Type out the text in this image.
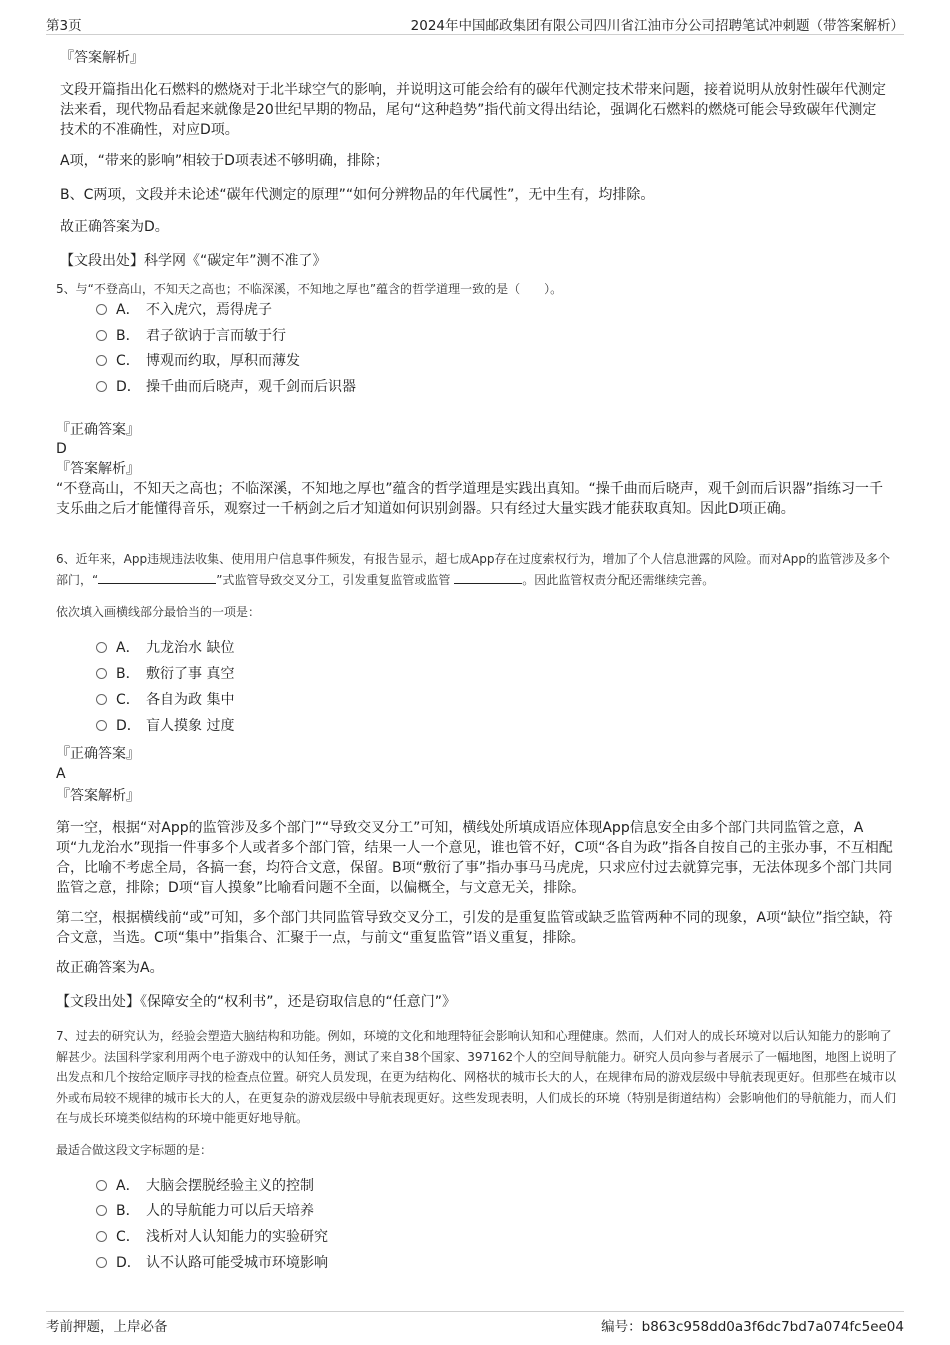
第3页	2024年中国邮政集团有限公司四川省江油市分公司招聘笔试冲刺题（带答案解析）

『答案解析』

文段开篇指出化石燃料的燃烧对于北半球空气的影响，并说明这可能会给有的碳年代测定技术带来问题，接着说明从放射性碳年代测定法来看，现代物品看起来就像是20世纪早期的物品，尾句“这种趋势”指代前文得出结论，强调化石燃料的燃烧可能会导致碳年代测定技术的不准确性，对应D项。

A项，“带来的影响”相较于D项表述不够明确，排除；

B、C两项，文段并未论述“碳年代测定的原理”“如何分辨物品的年代属性”，无中生有，均排除。

故正确答案为D。

【文段出处】科学网《“碳定年”测不准了》

5、与“不登高山，不知天之高也；不临深溪，不知地之厚也”蕴含的哲学道理一致的是（　　）。

A． 不入虎穴，焉得虎子
B． 君子欲讷于言而敏于行
C． 博观而约取，厚积而薄发
D． 操千曲而后晓声，观千剑而后识器

『正确答案』

D

『答案解析』

“不登高山，不知天之高也；不临深溪，不知地之厚也”蕴含的哲学道理是实践出真知。“操千曲而后晓声，观千剑而后识器”指练习一千支乐曲之后才能懂得音乐，观察过一千柄剑之后才知道如何识别剑器。只有经过大量实践才能获取真知。因此D项正确。

6、近年来，App违规违法收集、使用用户信息事件频发，有报告显示，超七成App存在过度索权行为，增加了个人信息泄露的风险。而对App的监管涉及多个部门，“	”式监管导致交叉分工，引发重复监管或监管	。因此监管权责分配还需继续完善。

依次填入画横线部分最恰当的一项是：

A． 九龙治水 缺位
B． 敷衍了事 真空
C． 各自为政 集中
D． 盲人摸象 过度

『正确答案』

A

『答案解析』

第一空，根据“对App的监管涉及多个部门”“导致交叉分工”可知，横线处所填成语应体现App信息安全由多个部门共同监管之意，A项“九龙治水”现指一件事多个人或者多个部门管，结果一人一个意见，谁也管不好，C项“各自为政”指各自按自己的主张办事，不互相配合，比喻不考虑全局，各搞一套，均符合文意，保留。B项“敷衍了事”指办事马马虎虎，只求应付过去就算完事，无法体现多个部门共同监管之意，排除；D项“盲人摸象”比喻看问题不全面，以偏概全，与文意无关，排除。

第二空，根据横线前“或”可知，多个部门共同监管导致交叉分工，引发的是重复监管或缺乏监管两种不同的现象，A项“缺位”指空缺，符合文意，当选。C项“集中”指集合、汇聚于一点，与前文“重复监管”语义重复，排除。

故正确答案为A。

【文段出处】《保障安全的“权利书”，还是窃取信息的“任意门”》

7、过去的研究认为，经验会塑造大脑结构和功能。例如，环境的文化和地理特征会影响认知和心理健康。然而，人们对人的成长环境对以后认知能力的影响了解甚少。法国科学家利用两个电子游戏中的认知任务，测试了来自38个国家、397162个人的空间导航能力。研究人员向参与者展示了一幅地图，地图上说明了出发点和几个按给定顺序寻找的检查点位置。研究人员发现，在更为结构化、网格状的城市长大的人，在规律布局的游戏层级中导航表现更好。但那些在城市以外或布局较不规律的城市长大的人，在更复杂的游戏层级中导航表现更好。这些发现表明，人们成长的环境（特别是街道结构）会影响他们的导航能力，而人们在与成长环境类似结构的环境中能更好地导航。

最适合做这段文字标题的是：

A． 大脑会摆脱经验主义的控制
B． 人的导航能力可以后天培养
C． 浅析对人认知能力的实验研究
D． 认不认路可能受城市环境影响
考前押题，上岸必备	编号：b863c958dd0a3f6dc7bd7a074fc5ee04
